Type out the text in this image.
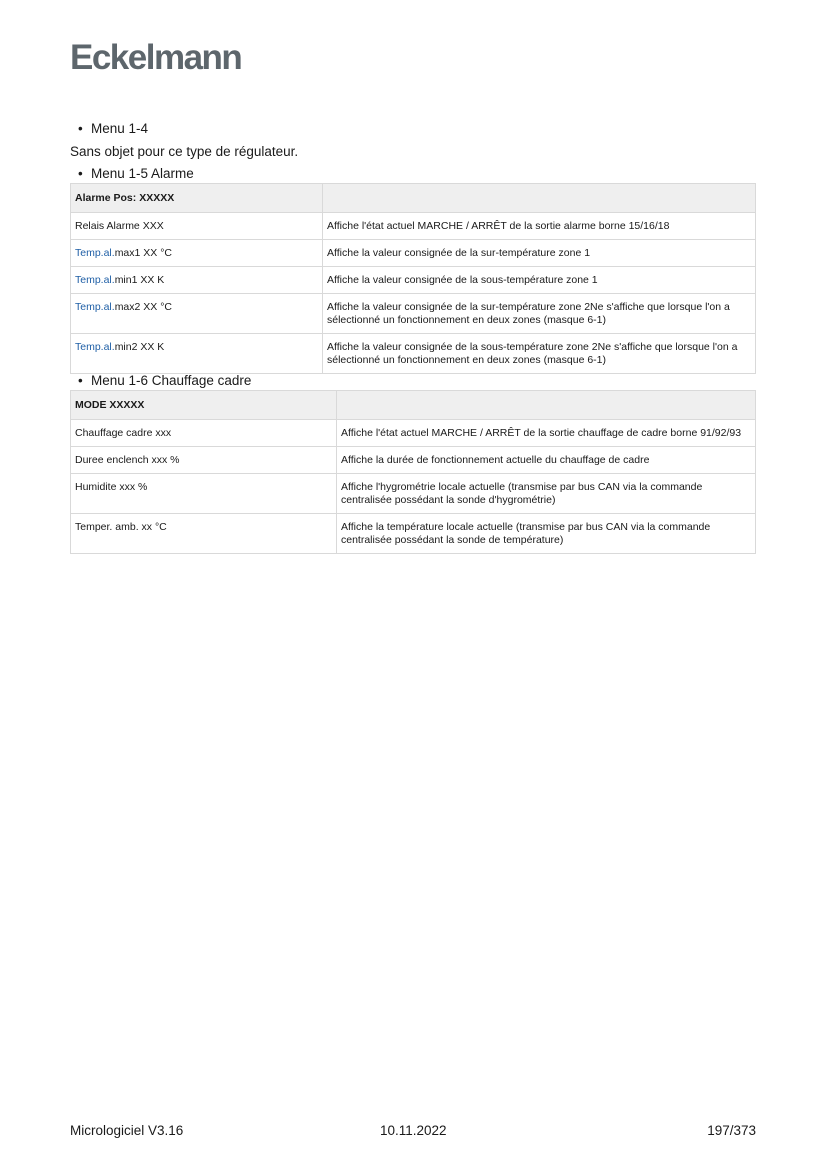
Eckelmann
• Menu 1-4
Sans objet pour ce type de régulateur.
• Menu 1-5 Alarme
Alarme Pos: XXXXX	
Relais Alarme XXX	Affiche l'état actuel MARCHE / ARRÊT de la sortie alarme borne 15/16/18
Temp.al.max1 XX °C	Affiche la valeur consignée de la sur-température zone 1
Temp.al.min1 XX K	Affiche la valeur consignée de la sous-température zone 1
Temp.al.max2 XX °C	Affiche la valeur consignée de la sur-température zone 2Ne s'affiche que lorsque l'on a sélectionné un fonctionnement en deux zones (masque 6-1)
Temp.al.min2 XX K	Affiche la valeur consignée de la sous-température zone 2Ne s'affiche que lorsque l'on a sélectionné un fonctionnement en deux zones (masque 6-1)
• Menu 1-6 Chauffage cadre
MODE XXXXX	
Chauffage cadre xxx	Affiche l'état actuel MARCHE / ARRÊT de la sortie chauffage de cadre borne 91/92/93
Duree enclench xxx %	Affiche la durée de fonctionnement actuelle du chauffage de cadre
Humidite xxx %	Affiche l'hygrométrie locale actuelle (transmise par bus CAN via la commande centralisée possédant la sonde d'hygrométrie)
Temper. amb. xx °C	Affiche la température locale actuelle (transmise par bus CAN via la commande centralisée possédant la sonde de température)
Micrologiciel V3.16	10.11.2022	197/373
